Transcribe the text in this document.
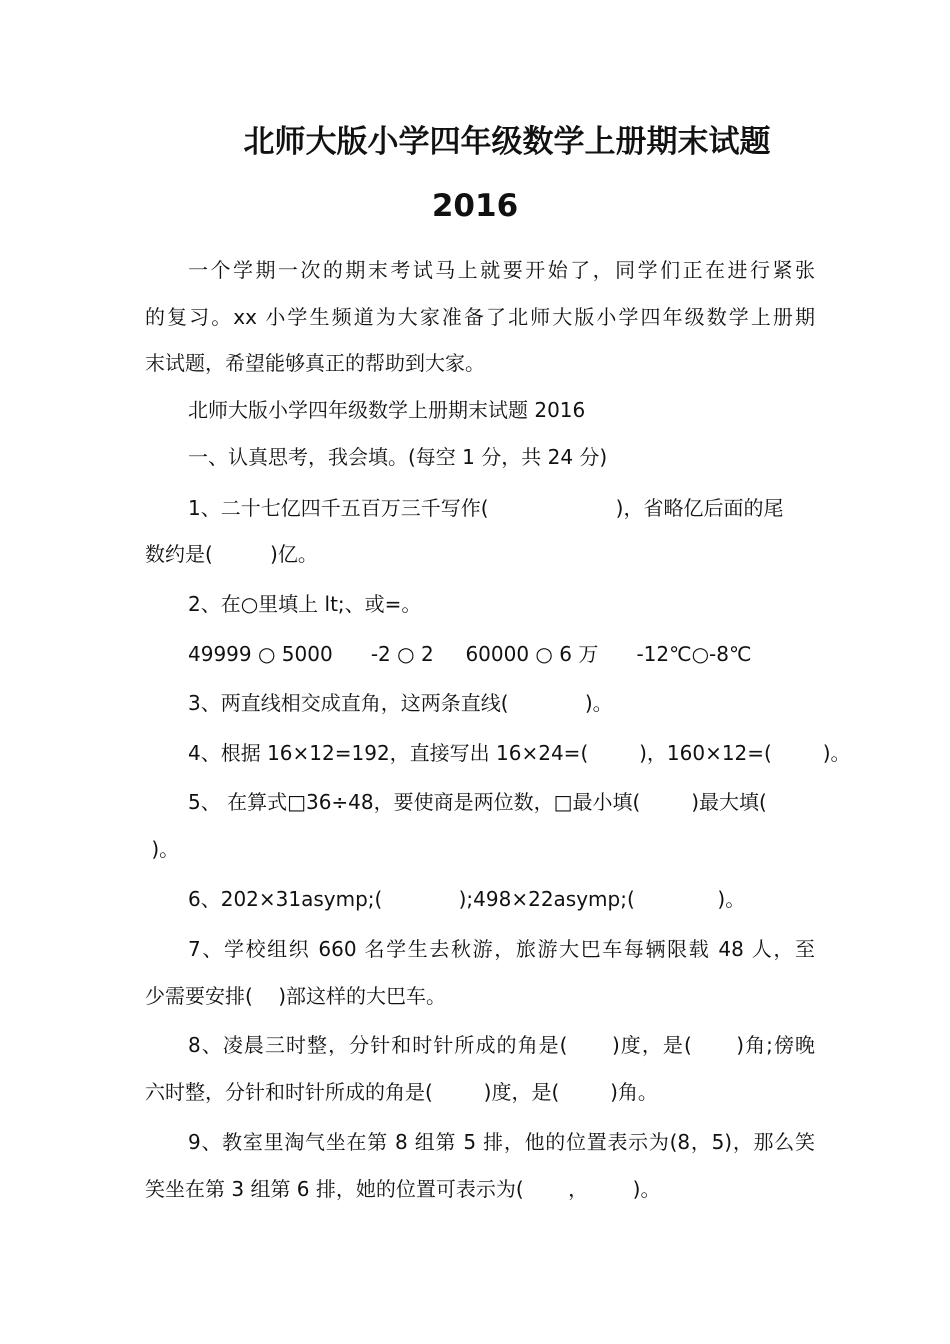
北师大版小学四年级数学上册期末试题
2016

一个学期一次的期末考试马上就要开始了，同学们正在进行紧张

的复习。xx 小学生频道为大家准备了北师大版小学四年级数学上册期

末试题，希望能够真正的帮助到大家。

北师大版小学四年级数学上册期末试题 2016

一、认真思考，我会填。(每空 1 分，共 24 分)

1、二十七亿四千五百万三千写作(                    )，省略亿后面的尾

数约是(         )亿。

2、在○里填上 lt;、或=。

49999 ○ 5000      -2 ○ 2     60000 ○ 6 万      -12℃○-8℃

3、两直线相交成直角，这两条直线(            )。

4、根据 16×12=192，直接写出 16×24=(        )，160×12=(        )。

5、 在算式□36÷48，要使商是两位数，□最小填(        )最大填(

)。

6、202×31asymp;(            );498×22asymp;(             )。

7、学校组织 660 名学生去秋游，旅游大巴车每辆限载 48 人，至

少需要安排(    )部这样的大巴车。

8、凌晨三时整，分针和时针所成的角是(      )度，是(      )角;傍晚

六时整，分针和时针所成的角是(        )度，是(        )角。

9、教室里淘气坐在第 8 组第 5 排，他的位置表示为(8，5)，那么笑

笑坐在第 3 组第 6 排，她的位置可表示为(       ，       )。
